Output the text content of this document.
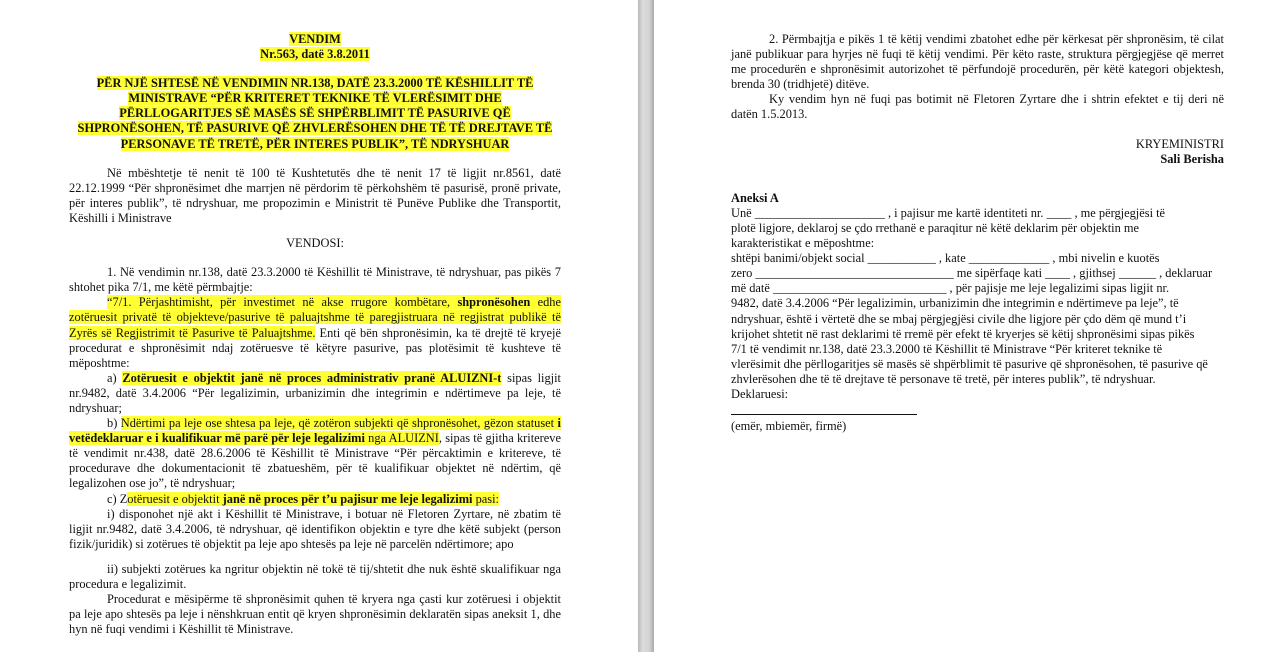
VENDIM

Nr.563, datë 3.8.2011

PËR NJË SHTESË NË VENDIMIN NR.138, DATË 23.3.2000 TË KËSHILLIT TË
MINISTRAVE “PËR KRITERET TEKNIKE TË VLERËSIMIT DHE
PËRLLOGARITJES SË MASËS SË SHPËRBLIMIT TË PASURIVE QË
SHPRONËSOHEN, TË PASURIVE QË ZHVLERËSOHEN DHE TË TË DREJTAVE TË
PERSONAVE TË TRETË, PËR INTERES PUBLIK”, TË NDRYSHUAR

Në mbështetje të nenit të 100 të Kushtetutës dhe të nenit 17 të ligjit nr.8561, datë 22.12.1999 “Për shpronësimet dhe marrjen në përdorim të përkohshëm të pasurisë, pronë private, për interes publik”, të ndryshuar, me propozimin e Ministrit të Punëve Publike dhe Transportit, Këshilli i Ministrave

VENDOSI:

1. Në vendimin nr.138, datë 23.3.2000 të Këshillit të Ministrave, të ndryshuar, pas pikës 7 shtohet pika 7/1, me këtë përmbajtje:

“7/1. Përjashtimisht, për investimet në akse rrugore kombëtare, shpronësohen edhe zotëruesit privatë të objekteve/pasurive të paluajtshme të paregjistruara në regjistrat publikë të Zyrës së Regjistrimit të Pasurive të Paluajtshme. Enti që bën shpronësimin, ka të drejtë të kryejë procedurat e shpronësimit ndaj zotëruesve të këtyre pasurive, pas plotësimit të kushteve të mëposhtme:

a) Zotëruesit e objektit janë në proces administrativ pranë ALUIZNI-t sipas ligjit nr.9482, datë 3.4.2006 “Për legalizimin, urbanizimin dhe integrimin e ndërtimeve pa leje, të ndryshuar;

b) Ndërtimi pa leje ose shtesa pa leje, që zotëron subjekti që shpronësohet, gëzon statuset i vetëdeklaruar e i kualifikuar më parë për leje legalizimi nga ALUIZNI, sipas të gjitha kritereve të vendimit nr.438, datë 28.6.2006 të Këshillit të Ministrave “Për përcaktimin e kritereve, të procedurave dhe dokumentacionit të zbatueshëm, për të kualifikuar objektet në ndërtim, që legalizohen ose jo”, të ndryshuar;

c) Zotëruesit e objektit janë në proces për t’u pajisur me leje legalizimi pasi:

i) disponohet një akt i Këshillit të Ministrave, i botuar në Fletoren Zyrtare, në zbatim të ligjit nr.9482, datë 3.4.2006, të ndryshuar, që identifikon objektin e tyre dhe këtë subjekt (person fizik/juridik) si zotërues të objektit pa leje apo shtesës pa leje në parcelën ndërtimore; apo

ii) subjekti zotërues ka ngritur objektin në tokë të tij/shtetit dhe nuk është skualifikuar nga procedura e legalizimit.

Procedurat e mësipërme të shpronësimit quhen të kryera nga çasti kur zotëruesi i objektit pa leje apo shtesës pa leje i nënshkruan entit që kryen shpronësimin deklaratën sipas aneksit 1, dhe hyn në fuqi vendimi i Këshillit të Ministrave.

2. Përmbajtja e pikës 1 të këtij vendimi zbatohet edhe për kërkesat për shpronësim, të cilat janë publikuar para hyrjes në fuqi të këtij vendimi. Për këto raste, struktura përgjegjëse që merret me procedurën e shpronësimit autorizohet të përfundojë procedurën, për këtë kategori objektesh, brenda 30 (tridhjetë) ditëve.

Ky vendim hyn në fuqi pas botimit në Fletoren Zyrtare dhe i shtrin efektet e tij deri në datën 1.5.2013.

KRYEMINISTRI

Sali Berisha

Aneksi A

Unë _____________________ , i pajisur me kartë identiteti nr. ____ , me përgjegjësi të
plotë ligjore, deklaroj se çdo rrethanë e paraqitur në këtë deklarim për objektin me
karakteristikat e mëposhtme:
shtëpi banimi/objekt social ___________ , kate _____________ , mbi nivelin e kuotës
zero ________________________________ me sipërfaqe kati ____ , gjithsej ______ , deklaruar
më datë ____________________________ , për pajisje me leje legalizimi sipas ligjit nr.
9482, datë 3.4.2006 “Për legalizimin, urbanizimin dhe integrimin e ndërtimeve pa leje”, të
ndryshuar, është i vërtetë dhe se mbaj përgjegjësi civile dhe ligjore për çdo dëm që mund t’i
krijohet shtetit në rast deklarimi të rremë për efekt të kryerjes së këtij shpronësimi sipas pikës
7/1 të vendimit nr.138, datë 23.3.2000 të Këshillit të Ministrave “Për kriteret teknike të
vlerësimit dhe përllogaritjes së masës së shpërblimit të pasurive që shpronësohen, të pasurive që
zhvlerësohen dhe të të drejtave të personave të tretë, për interes publik”, të ndryshuar.
Deklaruesi:

(emër, mbiemër, firmë)
